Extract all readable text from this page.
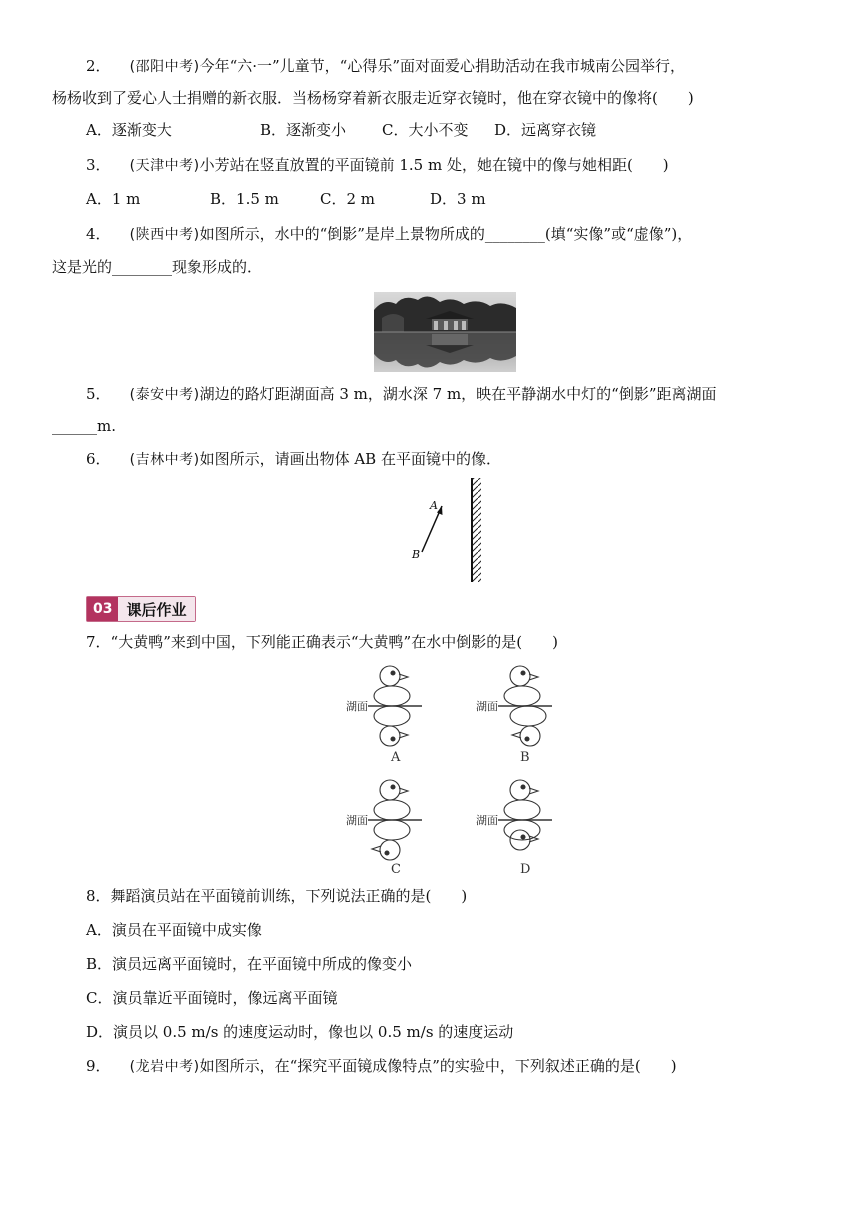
2． (邵阳中考)今年“六·一”儿童节，“心得乐”面对面爱心捐助活动在我市城南公园举行，
杨杨收到了爱心人士捐赠的新衣服．当杨杨穿着新衣服走近穿衣镜时，他在穿衣镜中的像将(　　)
A．逐渐变大	B．逐渐变小 C．大小不变 D．远离穿衣镜
3． (天津中考)小芳站在竖直放置的平面镜前 1.5 m 处，她在镜中的像与她相距(　　)
A．1 m	B．1.5 m	C．2 m	D．3 m
4． (陕西中考)如图所示，水中的“倒影”是岸上景物所成的________(填“实像”或“虚像”)，
这是光的________现象形成的．
5． (泰安中考)湖边的路灯距湖面高 3 m，湖水深 7 m，映在平静湖水中灯的“倒影”距离湖面
______m.
6． (吉林中考)如图所示，请画出物体 AB 在平面镜中的像．
A
B
03 课后作业
7．“大黄鸭”来到中国，下列能正确表示“大黄鸭”在水中倒影的是(　　)
湖面	湖面
湖面	湖面
A	B
C	D
8．舞蹈演员站在平面镜前训练，下列说法正确的是(　　)
A．演员在平面镜中成实像
B．演员远离平面镜时，在平面镜中所成的像变小
C．演员靠近平面镜时，像远离平面镜
D．演员以 0.5 m/s 的速度运动时，像也以 0.5 m/s 的速度运动
9． (龙岩中考)如图所示，在“探究平面镜成像特点”的实验中，下列叙述正确的是(　　)
